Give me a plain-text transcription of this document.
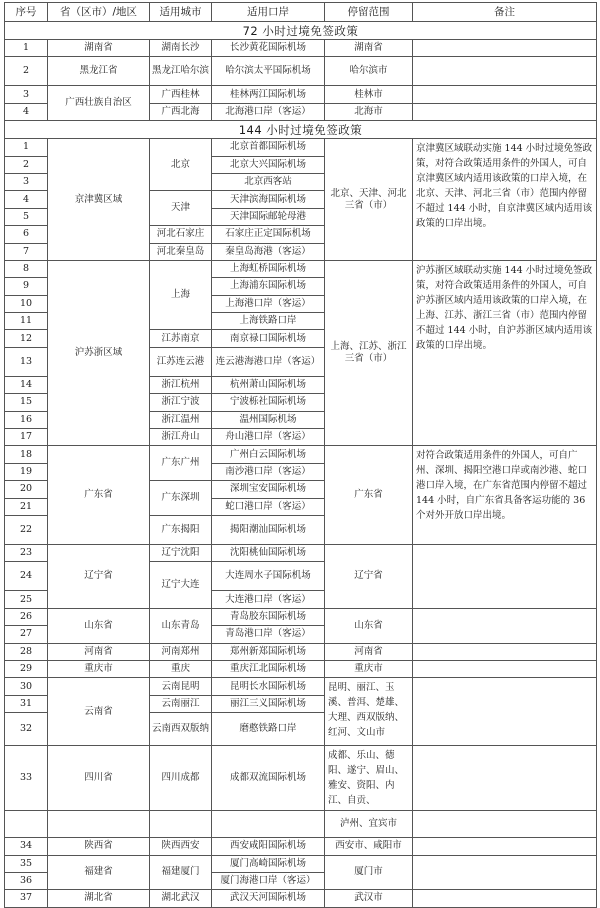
序号	省（区市）/地区	适用城市	适用口岸	停留范围	备注
72 小时过境免签政策					
1	湖南省	湖南长沙	长沙黄花国际机场	湖南省	
2	黑龙江省	黑龙江哈尔滨	哈尔滨太平国际机场	哈尔滨市	
3	广西壮族自治区	广西桂林	桂林两江国际机场	桂林市	
4		广西北海	北海港口岸（客运）	北海市	
144 小时过境免签政策					
1	京津冀区域	北京	北京首都国际机场	北京、天津、河北三省（市）	京津冀区域联动实施 144 小时过境免签政策，对符合政策适用条件的外国人，可自京津冀区域内适用该政策的口岸入境，在北京、天津、河北三省（市）范围内停留不超过 144 小时，自京津冀区域内适用该政策的口岸出境。
2			北京大兴国际机场		
3			北京西客站		
4		天津	天津滨海国际机场		
5			天津国际邮轮母港		
6		河北石家庄	石家庄正定国际机场		
7		河北秦皇岛	秦皇岛海港（客运）		
8	沪苏浙区域	上海	上海虹桥国际机场	上海、江苏、浙江三省（市）	沪苏浙区域联动实施 144 小时过境免签政策，对符合政策适用条件的外国人，可自沪苏浙区域内适用该政策的口岸入境，在上海、江苏、浙江三省（市）范围内停留不超过 144 小时，自沪苏浙区域内适用该政策的口岸出境。
9			上海浦东国际机场		
10			上海港口岸（客运）		
11			上海铁路口岸		
12		江苏南京	南京禄口国际机场		
13		江苏连云港	连云港海港口岸（客运）		
14		浙江杭州	杭州萧山国际机场		
15		浙江宁波	宁波栎社国际机场		
16		浙江温州	温州国际机场		
17		浙江舟山	舟山港口岸（客运）		
18	广东省	广东广州	广州白云国际机场	广东省	对符合政策适用条件的外国人，可自广州、深圳、揭阳空港口岸或南沙港、蛇口港口岸入境，在广东省范围内停留不超过 144 小时，自广东省具备客运功能的 36 个对外开放口岸出境。
19			南沙港口岸（客运）		
20		广东深圳	深圳宝安国际机场		
21			蛇口港口岸（客运）		
22		广东揭阳	揭阳潮汕国际机场		
23	辽宁省	辽宁沈阳	沈阳桃仙国际机场	辽宁省	
24		辽宁大连	大连周水子国际机场		
25			大连港口岸（客运）		
26	山东省	山东青岛	青岛胶东国际机场	山东省	
27			青岛港口岸（客运）		
28	河南省	河南郑州	郑州新郑国际机场	河南省	
29	重庆市	重庆	重庆江北国际机场	重庆市	
30	云南省	云南昆明	昆明长水国际机场	昆明、丽江、玉溪、普洱、楚雄、大理、西双版纳、红河、文山市	
31		云南丽江	丽江三义国际机场		
32		云南西双版纳	磨憨铁路口岸		
33	四川省	四川成都	成都双流国际机场	成都、乐山、德阳、遂宁、眉山、雅安、资阳、内江、自贡、	
				泸州、宜宾市	
34	陕西省	陕西西安	西安咸阳国际机场	西安市、咸阳市	
35	福建省	福建厦门	厦门高崎国际机场	厦门市	
36			厦门海港口岸（客运）		
37	湖北省	湖北武汉	武汉天河国际机场	武汉市	
